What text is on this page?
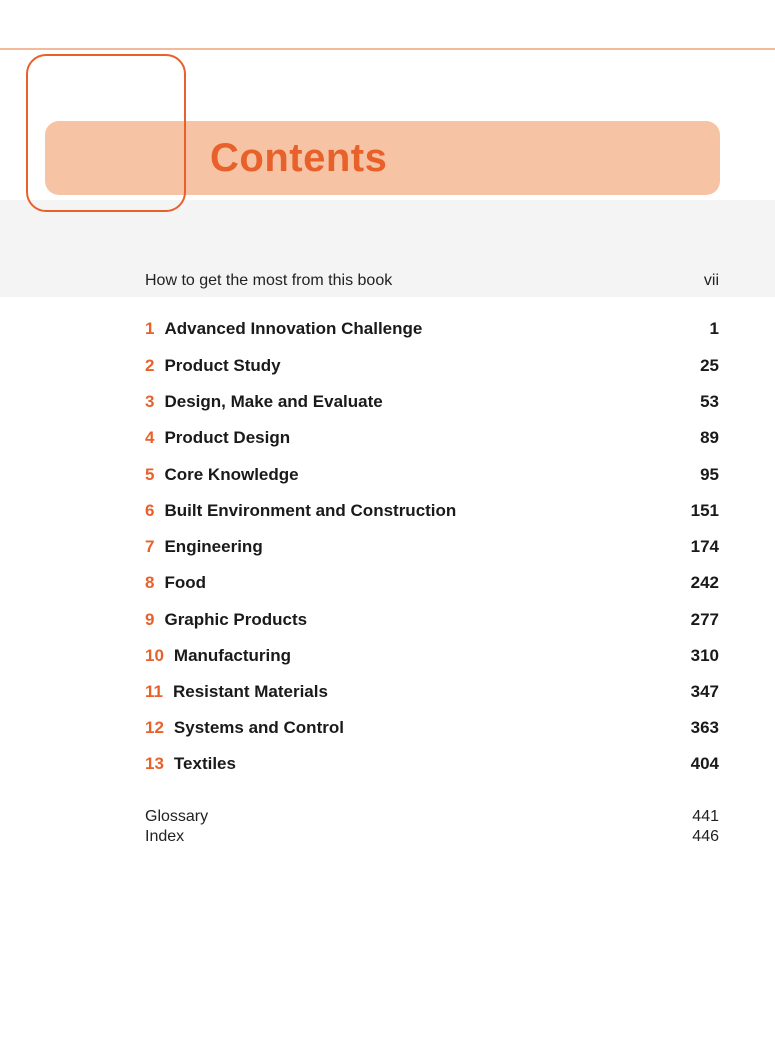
Contents
How to get the most from this book	vii
1 Advanced Innovation Challenge	1
2 Product Study	25
3 Design, Make and Evaluate	53
4 Product Design	89
5 Core Knowledge	95
6 Built Environment and Construction	151
7 Engineering	174
8 Food	242
9 Graphic Products	277
10 Manufacturing	310
11 Resistant Materials	347
12 Systems and Control	363
13 Textiles	404
Glossary	441
Index	446
